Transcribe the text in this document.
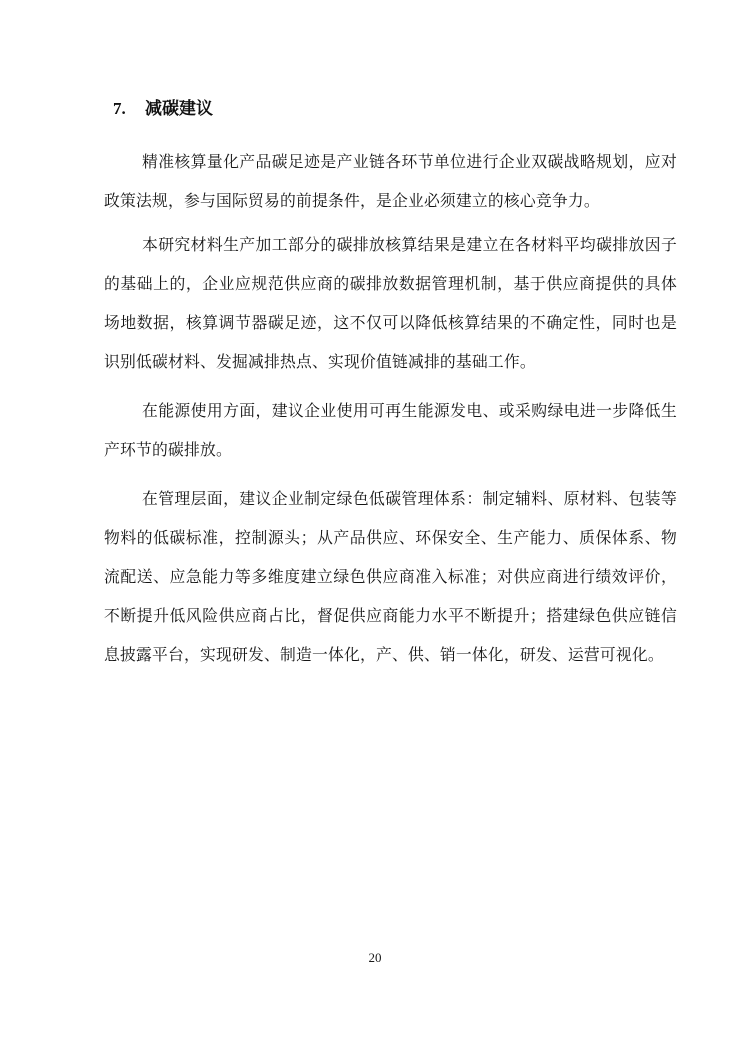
7. 减碳建议

精准核算量化产品碳足迹是产业链各环节单位进行企业双碳战略规划，应对政策法规，参与国际贸易的前提条件，是企业必须建立的核心竞争力。

本研究材料生产加工部分的碳排放核算结果是建立在各材料平均碳排放因子的基础上的，企业应规范供应商的碳排放数据管理机制，基于供应商提供的具体场地数据，核算调节器碳足迹，这不仅可以降低核算结果的不确定性，同时也是识别低碳材料、发掘减排热点、实现价值链减排的基础工作。

在能源使用方面，建议企业使用可再生能源发电、或采购绿电进一步降低生产环节的碳排放。

在管理层面，建议企业制定绿色低碳管理体系：制定辅料、原材料、包装等物料的低碳标准，控制源头；从产品供应、环保安全、生产能力、质保体系、物流配送、应急能力等多维度建立绿色供应商准入标准；对供应商进行绩效评价，不断提升低风险供应商占比，督促供应商能力水平不断提升；搭建绿色供应链信息披露平台，实现研发、制造一体化，产、供、销一体化，研发、运营可视化。

20
